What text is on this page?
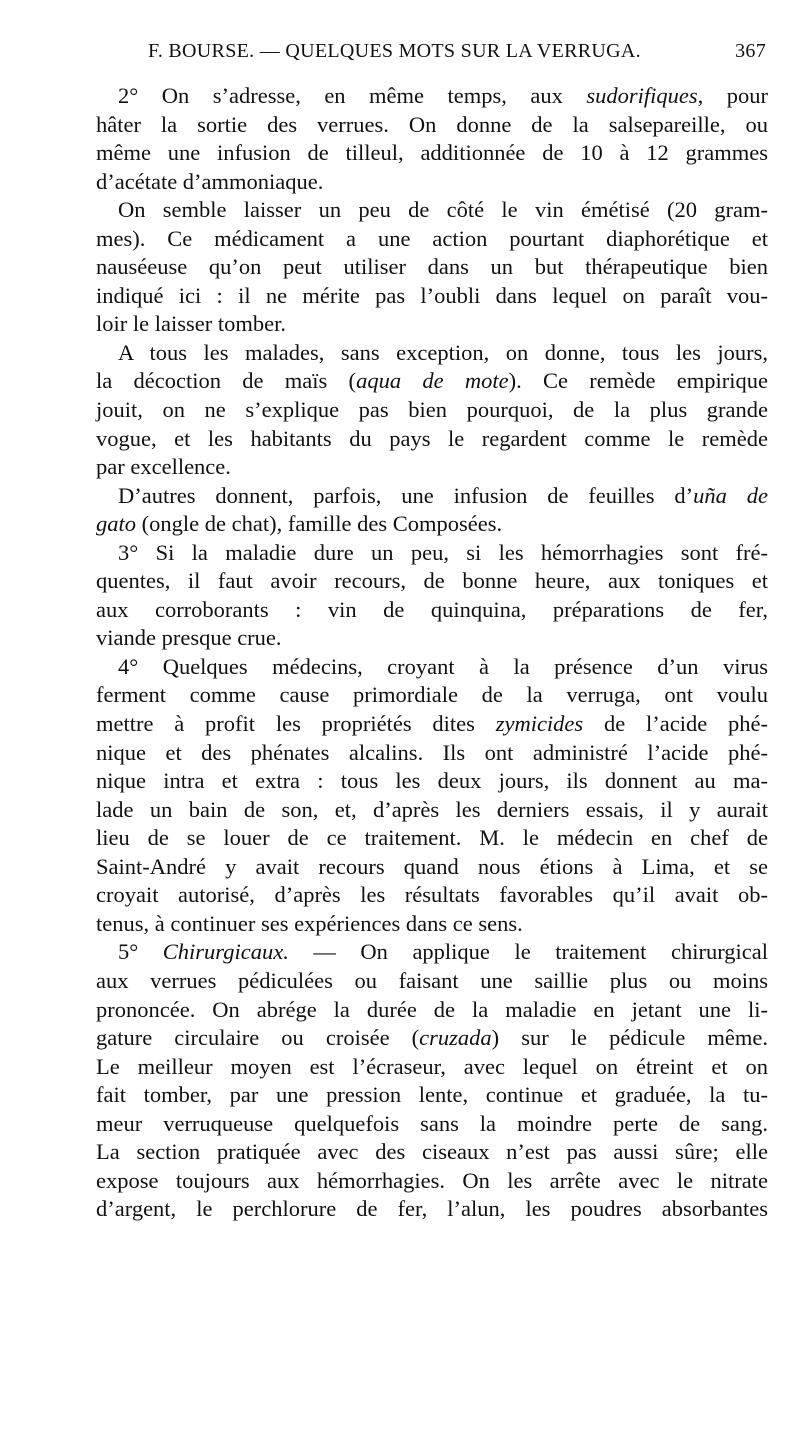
F. BOURSE. — QUELQUES MOTS SUR LA VERRUGA.	367
2° On s’adresse, en même temps, aux sudorifiques, pour
hâter la sortie des verrues. On donne de la salsepareille, ou
même une infusion de tilleul, additionnée de 10 à 12 grammes
d’acétate d’ammoniaque.
On semble laisser un peu de côté le vin émétisé (20 gram-
mes). Ce médicament a une action pourtant diaphorétique et
nauséeuse qu’on peut utiliser dans un but thérapeutique bien
indiqué ici : il ne mérite pas l’oubli dans lequel on paraît vou-
loir le laisser tomber.
A tous les malades, sans exception, on donne, tous les jours,
la décoction de maïs (aqua de mote). Ce remède empirique
jouit, on ne s’explique pas bien pourquoi, de la plus grande
vogue, et les habitants du pays le regardent comme le remède
par excellence.
D’autres donnent, parfois, une infusion de feuilles d’uña de
gato (ongle de chat), famille des Composées.
3° Si la maladie dure un peu, si les hémorrhagies sont fré-
quentes, il faut avoir recours, de bonne heure, aux toniques et
aux corroborants : vin de quinquina, préparations de fer,
viande presque crue.
4° Quelques médecins, croyant à la présence d’un virus
ferment comme cause primordiale de la verruga, ont voulu
mettre à profit les propriétés dites zymicides de l’acide phé-
nique et des phénates alcalins. Ils ont administré l’acide phé-
nique intra et extra : tous les deux jours, ils donnent au ma-
lade un bain de son, et, d’après les derniers essais, il y aurait
lieu de se louer de ce traitement. M. le médecin en chef de
Saint-André y avait recours quand nous étions à Lima, et se
croyait autorisé, d’après les résultats favorables qu’il avait ob-
tenus, à continuer ses expériences dans ce sens.
5° Chirurgicaux. — On applique le traitement chirurgical
aux verrues pédiculées ou faisant une saillie plus ou moins
prononcée. On abrége la durée de la maladie en jetant une li-
gature circulaire ou croisée (cruzada) sur le pédicule même.
Le meilleur moyen est l’écraseur, avec lequel on étreint et on
fait tomber, par une pression lente, continue et graduée, la tu-
meur verruqueuse quelquefois sans la moindre perte de sang.
La section pratiquée avec des ciseaux n’est pas aussi sûre; elle
expose toujours aux hémorrhagies. On les arrête avec le nitrate
d’argent, le perchlorure de fer, l’alun, les poudres absorbantes
